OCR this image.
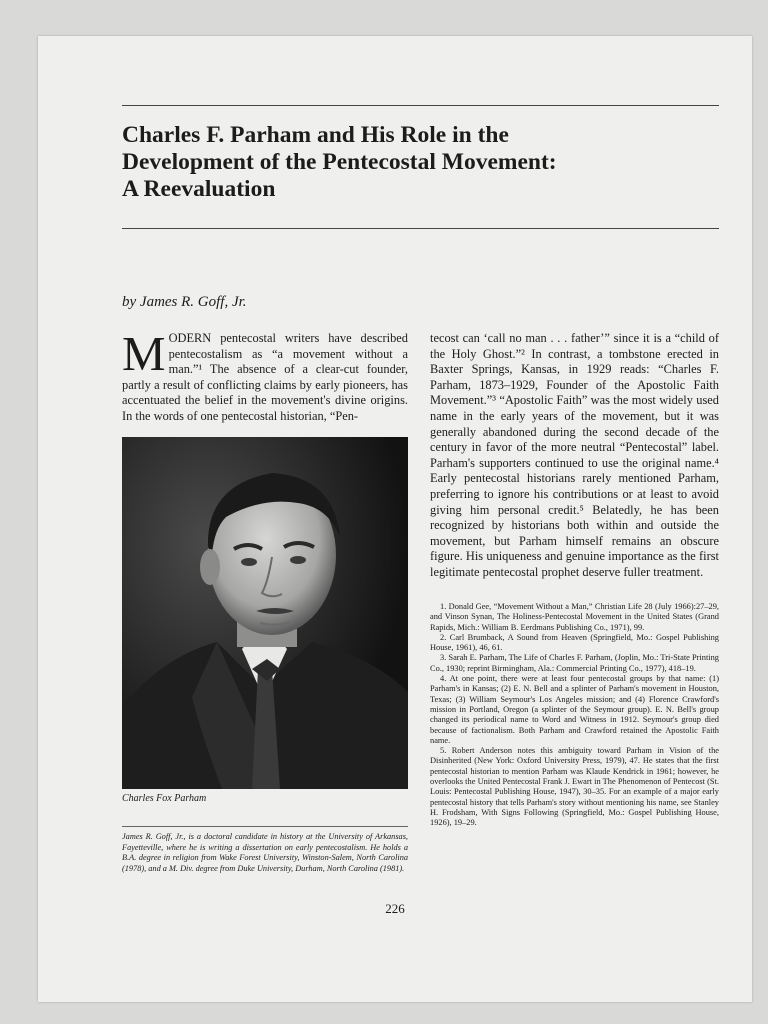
Charles F. Parham and His Role in the
Development of the Pentecostal Movement:
A Reevaluation
by James R. Goff, Jr.

MODERN pentecostal writers have described pentecostalism as “a movement without a man.”¹ The absence of a clear-cut founder, partly a result of conflicting claims by early pioneers, has accentuated the belief in the movement's divine origins. In the words of one pentecostal historian, “Pen-

Charles Fox Parham

James R. Goff, Jr., is a doctoral candidate in history at the University of Arkansas, Fayetteville, where he is writing a dissertation on early pentecostalism. He holds a B.A. degree in religion from Wake Forest University, Winston-Salem, North Carolina (1978), and a M. Div. degree from Duke University, Durham, North Carolina (1981).

tecost can ‘call no man . . . father’” since it is a “child of the Holy Ghost.”² In contrast, a tombstone erected in Baxter Springs, Kansas, in 1929 reads: “Charles F. Parham, 1873–1929, Founder of the Apostolic Faith Movement.”³ “Apostolic Faith” was the most widely used name in the early years of the movement, but it was generally abandoned during the second decade of the century in favor of the more neutral “Pentecostal” label. Parham's supporters continued to use the original name.⁴ Early pentecostal historians rarely mentioned Parham, preferring to ignore his contributions or at least to avoid giving him personal credit.⁵ Belatedly, he has been recognized by historians both within and outside the movement, but Parham himself remains an obscure figure. His uniqueness and genuine importance as the first legitimate pentecostal prophet deserve fuller treatment.

1. Donald Gee, “Movement Without a Man,” Christian Life 28 (July 1966):27–29, and Vinson Synan, The Holiness-Pentecostal Movement in the United States (Grand Rapids, Mich.: William B. Eerdmans Publishing Co., 1971), 99.
2. Carl Brumback, A Sound from Heaven (Springfield, Mo.: Gospel Publishing House, 1961), 46, 61.
3. Sarah E. Parham, The Life of Charles F. Parham, (Joplin, Mo.: Tri-State Printing Co., 1930; reprint Birmingham, Ala.: Commercial Printing Co., 1977), 418–19.
4. At one point, there were at least four pentecostal groups by that name: (1) Parham's in Kansas; (2) E. N. Bell and a splinter of Parham's movement in Houston, Texas; (3) William Seymour's Los Angeles mission; and (4) Florence Crawford's mission in Portland, Oregon (a splinter of the Seymour group). E. N. Bell's group changed its periodical name to Word and Witness in 1912. Seymour's group died because of factionalism. Both Parham and Crawford retained the Apostolic Faith name.
5. Robert Anderson notes this ambiguity toward Parham in Vision of the Disinherited (New York: Oxford University Press, 1979), 47. He states that the first pentecostal historian to mention Parham was Klaude Kendrick in 1961; however, he overlooks the United Pentecostal Frank J. Ewart in The Phenomenon of Pentecost (St. Louis: Pentecostal Publishing House, 1947), 30–35. For an example of a major early pentecostal history that tells Parham's story without mentioning his name, see Stanley H. Frodsham, With Signs Following (Springfield, Mo.: Gospel Publishing House, 1926), 19–29.
226
